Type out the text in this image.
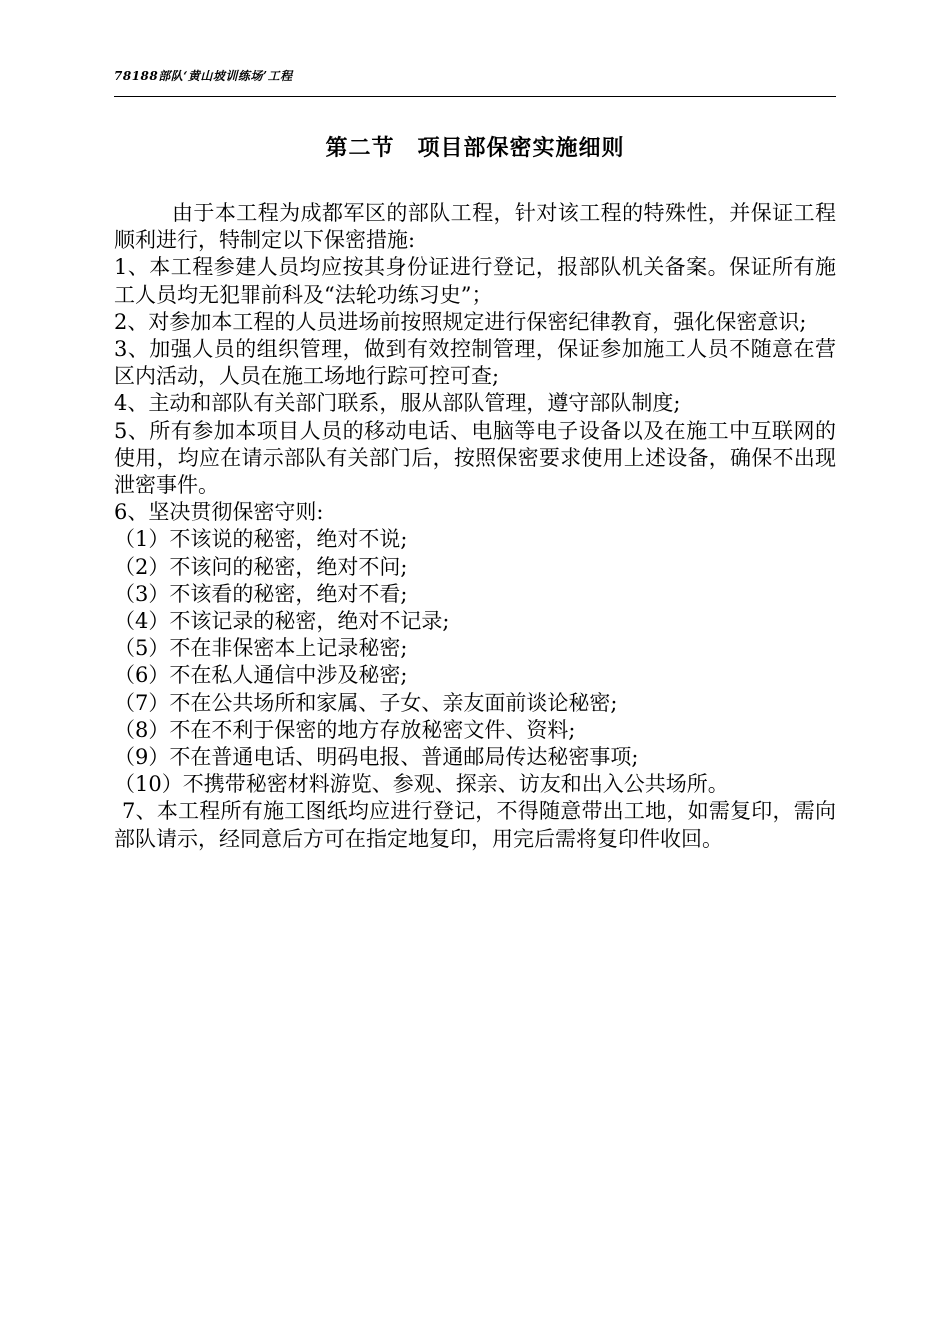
78188部队‘黄山坡训练场’工程
第二节　项目部保密实施细则

由于本工程为成都军区的部队工程，针对该工程的特殊性，并保证工程顺利进行，特制定以下保密措施:

1、本工程参建人员均应按其身份证进行登记，报部队机关备案。保证所有施工人员均无犯罪前科及“法轮功练习史”；

2、对参加本工程的人员进场前按照规定进行保密纪律教育，强化保密意识;

3、加强人员的组织管理，做到有效控制管理，保证参加施工人员不随意在营区内活动，人员在施工场地行踪可控可查;

4、主动和部队有关部门联系，服从部队管理，遵守部队制度;

5、所有参加本项目人员的移动电话、电脑等电子设备以及在施工中互联网的使用，均应在请示部队有关部门后，按照保密要求使用上述设备，确保不出现泄密事件。

6、坚决贯彻保密守则:

（1）不该说的秘密，绝对不说;

（2）不该问的秘密，绝对不问;

（3）不该看的秘密，绝对不看;

（4）不该记录的秘密，绝对不记录;

（5）不在非保密本上记录秘密;

（6）不在私人通信中涉及秘密;

（7）不在公共场所和家属、子女、亲友面前谈论秘密;

（8）不在不利于保密的地方存放秘密文件、资料;

（9）不在普通电话、明码电报、普通邮局传达秘密事项;

（10）不携带秘密材料游览、参观、探亲、访友和出入公共场所。

7、本工程所有施工图纸均应进行登记，不得随意带出工地，如需复印，需向部队请示，经同意后方可在指定地复印，用完后需将复印件收回。
